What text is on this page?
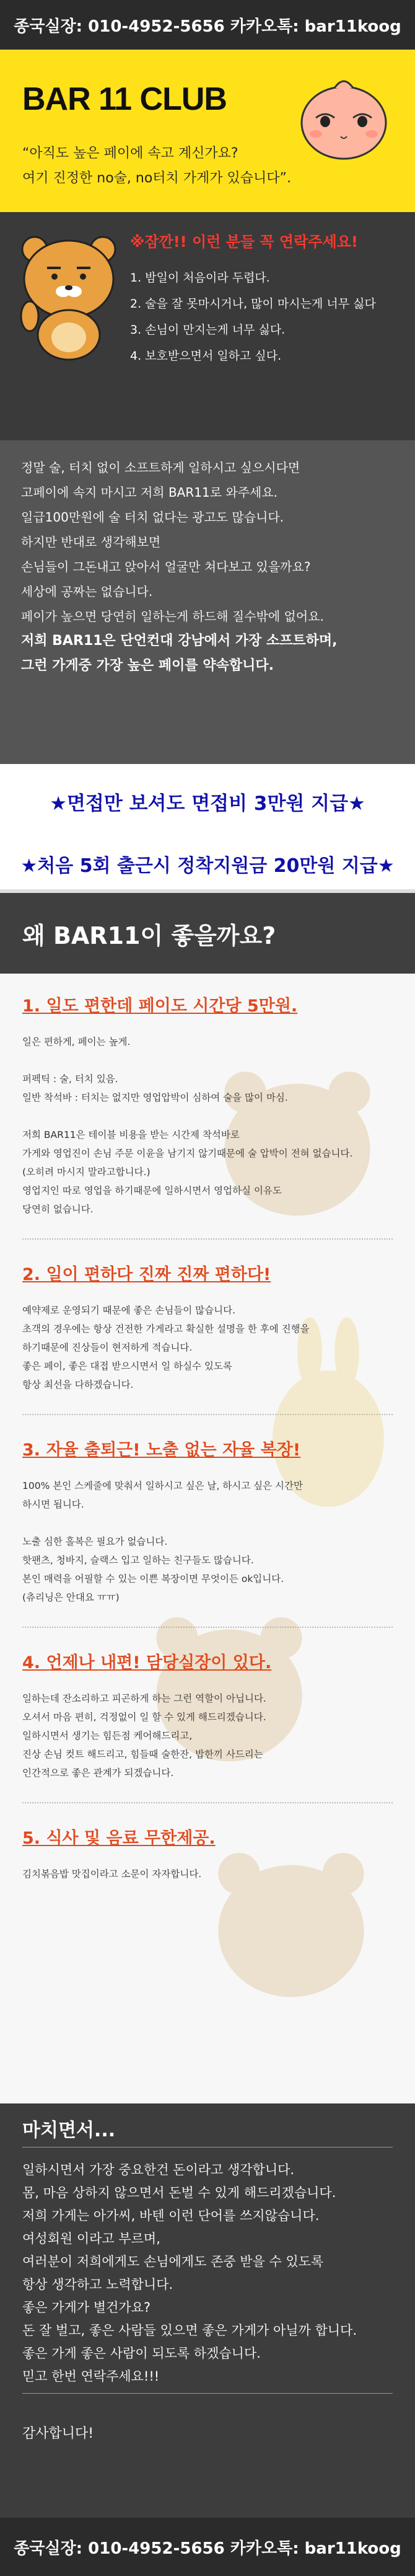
종국실장: 010-4952-5656 카카오톡: bar11koog
BAR 11 CLUB
“아직도 높은 페이에 속고 계신가요?
여기 진정한 no술, no터치 가게가 있습니다”.
※잠깐!! 이런 분들 꼭 연락주세요!
1. 밤일이 처음이라 두렵다.
2. 술을 잘 못마시거나, 많이 마시는게 너무 싫다
3. 손님이 만지는게 너무 싫다.
4. 보호받으면서 일하고 싶다.

정말 술, 터치 없이 소프트하게 일하시고 싶으시다면

고페이에 속지 마시고 저희 BAR11로 와주세요.

일급100만원에 술 터치 없다는 광고도 많습니다.

하지만 반대로 생각해보면

손님들이 그돈내고 앉아서 얼굴만 쳐다보고 있을까요?

세상에 공짜는 없습니다.

페이가 높으면 당연히 일하는게 하드해 질수밖에 없어요.

저희 BAR11은 단언컨대 강남에서 가장 소프트하며,

그런 가게중 가장 높은 페이를 약속합니다.

★면접만 보셔도 면접비 3만원 지급★
★처음 5회 출근시 정착지원금 20만원 지급★
왜 BAR11이 좋을까요?
1. 일도 편한데 페이도 시간당 5만원.

일은 편하게, 페이는 높게.

퍼펙틱 : 술, 터치 있음.

일반 착석바 : 터치는 없지만 영업압박이 심하여 술을 많이 마심.

저희 BAR11은 테이블 비용을 받는 시간제 착석바로

가게와 영업진이 손님 주문 이윤을 남기지 않기때문에 술 압박이 전혀 없습니다.

(오히려 마시지 말라고합니다.)

영업지인 따로 영업을 하기때문에 일하시면서 영업하실 이유도

당연히 없습니다.

2. 일이 편하다 진짜 진짜 편하다!

예약제로 운영되기 때문에 좋은 손님들이 많습니다.

초객의 경우에는 항상 건전한 가게라고 확실한 설명을 한 후에 진행을

하기때문에 진상들이 현저하게 적습니다.

좋은 페이, 좋은 대접 받으시면서 일 하실수 있도록

항상 최선을 다하겠습니다.

3. 자율 출퇴근! 노출 없는 자율 복장!

100% 본인 스케줄에 맞춰서 일하시고 싶은 날, 하시고 싶은 시간만

하시면 됩니다.

노출 심한 홀복은 필요가 없습니다.

핫팬츠, 청바지, 슬랙스 입고 일하는 친구들도 많습니다.

본인 매력을 어필할 수 있는 이쁜 복장이면 무엇이든 ok입니다.

(츄리닝은 안대요 ㅠㅠ)

4. 언제나 내편! 담당실장이 있다.

일하는데 잔소리하고 피곤하게 하는 그런 역할이 아닙니다.

오셔서 마음 편히, 걱정없이 일 할 수 있게 해드리겠습니다.

일하시면서 생기는 힘든점 케어해드리고,

진상 손님 컷트 해드리고, 힘들때 술한잔, 밥한끼 사드리는

인간적으로 좋은 관계가 되겠습니다.

5. 식사 및 음료 무한제공.

김치볶음밥 맛집이라고 소문이 자자합니다.

마치면서...

일하시면서 가장 중요한건 돈이라고 생각합니다.

몸, 마음 상하지 않으면서 돈벌 수 있게 해드리겠습니다.

저희 가게는 아가씨, 바텐 이런 단어를 쓰지않습니다.

여성회원 이라고 부르며,

여러분이 저희에게도 손님에게도 존중 받을 수 있도록

항상 생각하고 노력합니다.

좋은 가게가 별건가요?

돈 잘 벌고, 좋은 사람들 있으면 좋은 가게가 아닐까 합니다.

좋은 가게 좋은 사람이 되도록 하겠습니다.

믿고 한번 연락주세요!!!

감사합니다!

종국실장: 010-4952-5656 카카오톡: bar11koog
